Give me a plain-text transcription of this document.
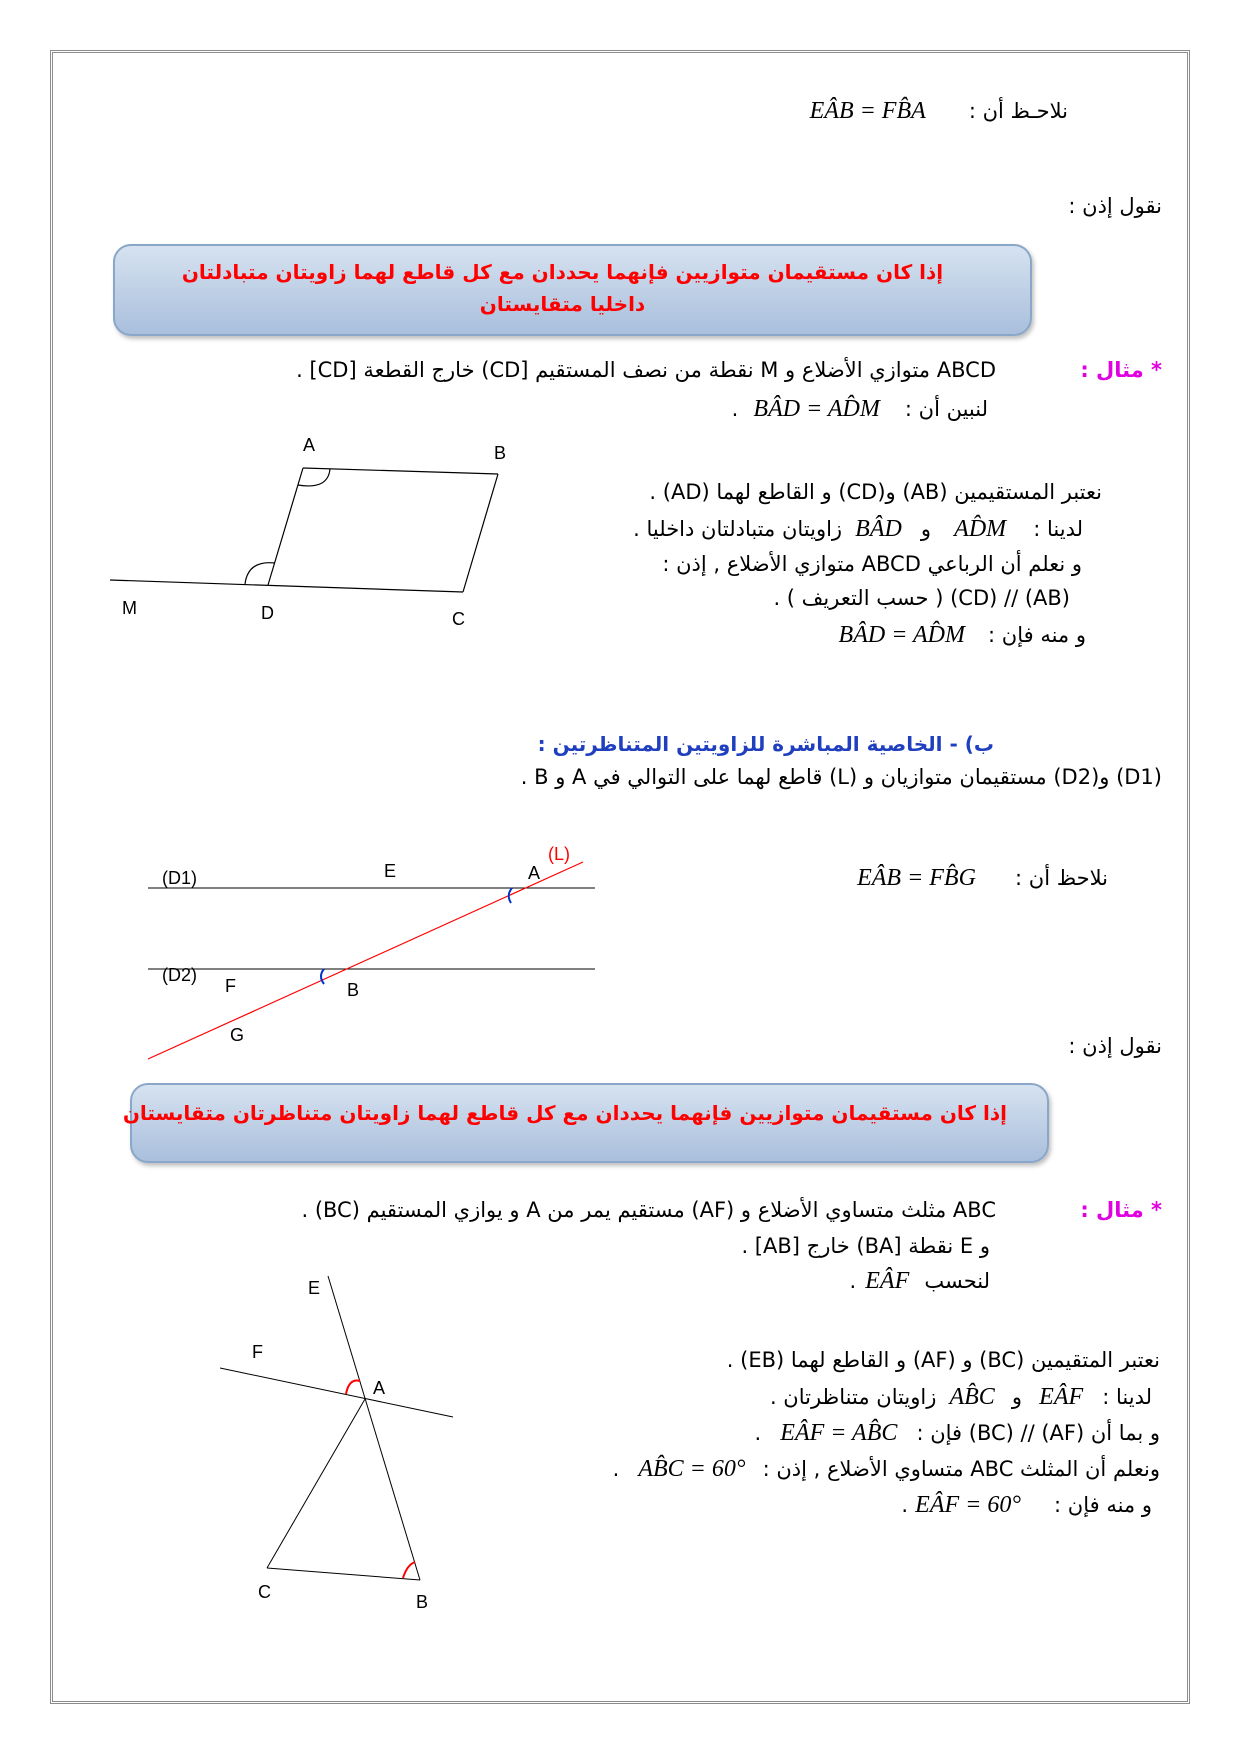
نلاحـظ أن : EÂB = FB̂A
نقول إذن :
إذا كان مستقيمان متوازيين فإنهما يحددان مع كل قاطع لهما زاويتان متبادلتان داخليا متقايستان
* مثال :
ABCD متوازي الأضلاع و M نقطة من نصف المستقيم [CD) خارج القطعة [CD] .
لنبين أن : BÂD = AD̂M .
A	B
C
D
M
نعتبر المستقيمين (AB) و(CD) و القاطع لهما (AD) .
لدينا : AD̂M و BÂD زاويتان متبادلتان داخليا .
و نعلم أن الرباعي ABCD متوازي الأضلاع , إذن :
(AB) // (CD) ( حسب التعريف ) .
و منه فإن : BÂD = AD̂M
ب) - الخاصية المباشرة للزاويتين المتناظرتين :
(D1) و(D2) مستقيمان متوازيان و (L) قاطع لهما على التوالي في A و B .
(D1)
(D2)
E	A
(L)
B
F
G
نلاحظ أن : EÂB = FB̂G
نقول إذن :
إذا كان مستقيمان متوازيين فإنهما يحددان مع كل قاطع لهما زاويتان متناظرتان متقايستان
* مثال :
ABC مثلث متساوي الأضلاع و (AF) مستقيم يمر من A و يوازي المستقيم (BC) .
و E نقطة [BA) خارج [AB] .
لنحسب EÂF .
E
F
A
C	B
نعتبر المتقيمين (BC) و (AF) و القاطع لهما (EB) .
لدينا : EÂF و AB̂C زاويتان متناظرتان .
و بما أن (AF) // (BC) فإن : EÂF = AB̂C .
ونعلم أن المثلث ABC متساوي الأضلاع , إذن : AB̂C = 60° .
و منه فإن : EÂF = 60° .
